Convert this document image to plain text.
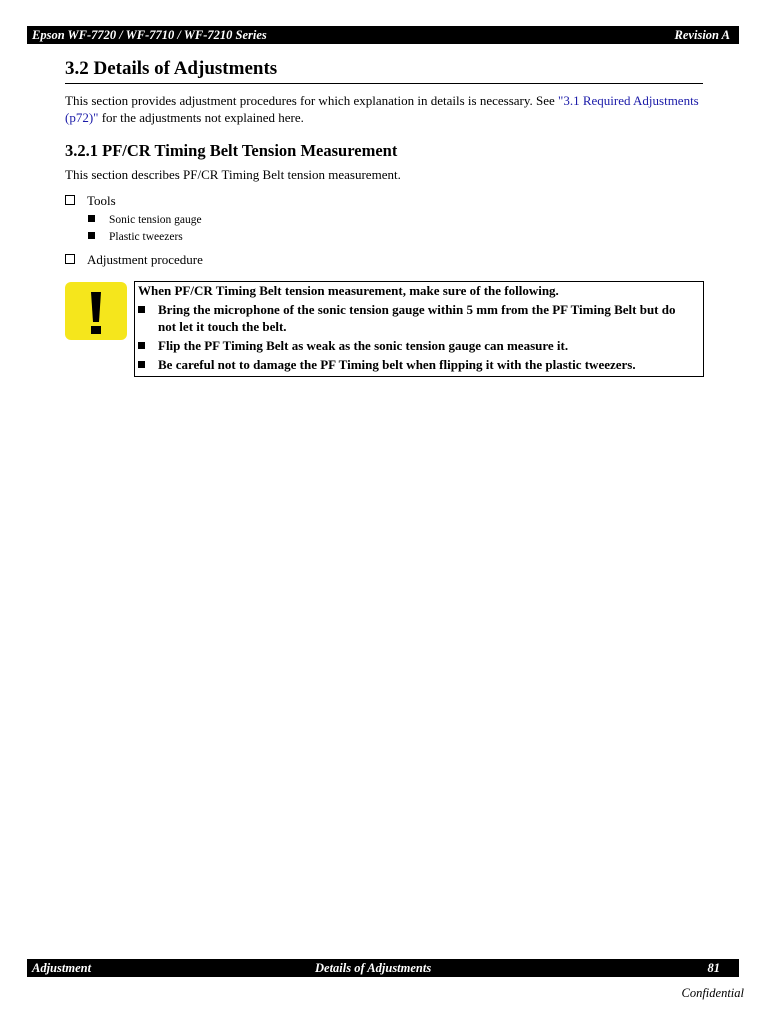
Epson WF-7720 / WF-7710 / WF-7210 Series	Revision A
3.2 Details of Adjustments
This section provides adjustment procedures for which explanation in details is necessary. See "3.1 Required Adjustments (p72)" for the adjustments not explained here.
3.2.1 PF/CR Timing Belt Tension Measurement
This section describes PF/CR Timing Belt tension measurement.
Tools
Sonic tension gauge
Plastic tweezers
Adjustment procedure
When PF/CR Timing Belt tension measurement, make sure of the following.
Bring the microphone of the sonic tension gauge within 5 mm from the PF Timing Belt but do not let it touch the belt.
Flip the PF Timing Belt as weak as the sonic tension gauge can measure it.
Be careful not to damage the PF Timing belt when flipping it with the plastic tweezers.
Adjustment	Details of Adjustments	81
Confidential
